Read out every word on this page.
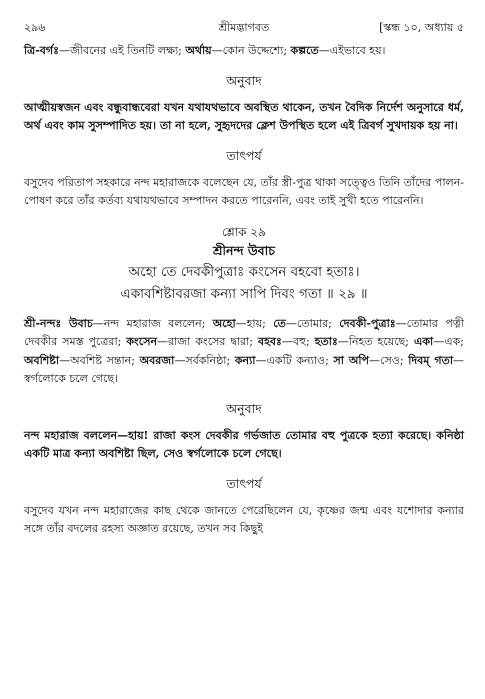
২৯৬	শ্রীমদ্ভাগবত	[স্কন্ধ ১০, অধ্যায় ৫

ত্রি-বর্গঃ—জীবনের এই তিনটি লক্ষ্য; অর্থায়—কোন উদ্দেশ্যে; কল্পতে—এইভাবে হয়।

অনুবাদ

আত্মীয়স্বজন এবং বন্ধুবান্ধবেরা যখন যথাযথভাবে অবস্থিত থাকেন, তখন বৈদিক নির্দেশ অনুসারে ধর্ম, অর্থ এবং কাম সুসম্পাদিত হয়। তা না হলে, সুহৃদদের ক্লেশ উপস্থিত হলে এই ত্রিবর্গ সুখদায়ক হয় না।

তাৎপর্য

বসুদেব পরিতাপ সহকারে নন্দ মহারাজকে বলেছেন যে, তাঁর স্ত্রী-পুত্র থাকা সত্ত্বেও তিনি তাঁদের পালন-পোষণ করে তাঁর কর্তব্য যথাযথভাবে সম্পাদন করতে পারেননি, এবং তাই সুখী হতে পারেননি।

শ্লোক ২৯
শ্রীনন্দ উবাচ

অহো তে দেবকীপুত্রাঃ কংসেন বহবো হতাঃ।

একাবশিষ্টাবরজা কন্যা সাপি দিবং গতা ॥ ২৯ ॥

শ্রী-নন্দঃ উবাচ—নন্দ মহারাজ বললেন; অহো—হায়; তে—তোমার; দেবকী-পুত্রাঃ—তোমার পত্নী দেবকীর সমস্ত পুত্রেরা; কংসেন—রাজা কংসের দ্বারা; বহবঃ—বহু; হতাঃ—নিহত হয়েছে; একা—এক; অবশিষ্টা—অবশিষ্ট সন্তান; অবরজা—সর্বকনিষ্ঠা; কন্যা—একটি কন্যাও; সা অপি—সেও; দিবম্ গতা—স্বর্গলোকে চলে গেছে।

অনুবাদ

নন্দ মহারাজ বললেন—হায়! রাজা কংস দেবকীর গর্ভজাত তোমার বহু পুত্রকে হত্যা করেছে। কনিষ্ঠা একটি মাত্র কন্যা অবশিষ্টা ছিল, সেও স্বর্গলোকে চলে গেছে।

তাৎপর্য

বসুদেব যখন নন্দ মহারাজের কাছ থেকে জানতে পেরেছিলেন যে, কৃষ্ণের জন্ম এবং যশোদার কন্যার সঙ্গে তাঁর বদলের রহস্য অজ্ঞাত রয়েছে, তখন সব কিছুই
